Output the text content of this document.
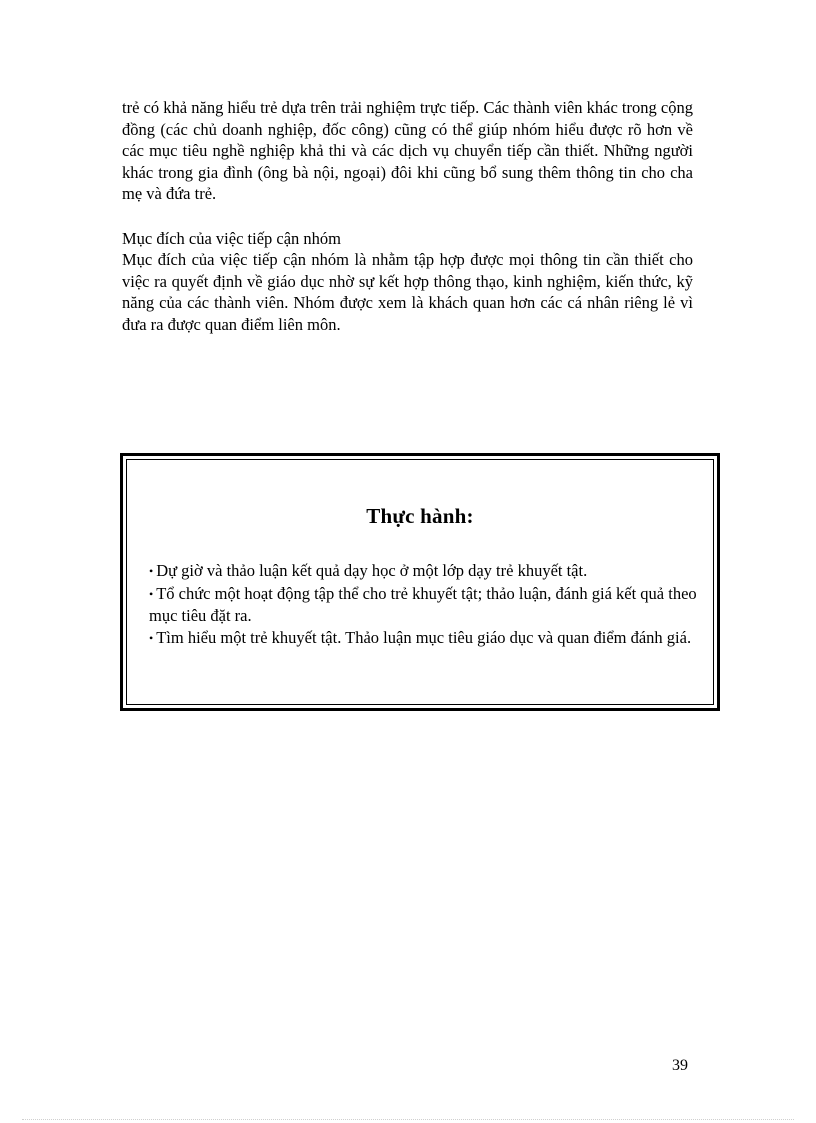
trẻ có khả năng hiểu trẻ dựa trên trải nghiệm trực tiếp. Các thành viên khác trong cộng đồng (các chủ doanh nghiệp, đốc công) cũng có thể giúp nhóm hiểu được rõ hơn về các mục tiêu nghề nghiệp khả thi và các dịch vụ chuyển tiếp cần thiết. Những người khác trong gia đình (ông bà nội, ngoại) đôi khi cũng bổ sung thêm thông tin cho cha mẹ và đứa trẻ.
Mục đích của việc tiếp cận nhóm
Mục đích của việc tiếp cận nhóm là nhằm tập hợp được mọi thông tin cần thiết cho việc ra quyết định về giáo dục nhờ sự kết hợp thông thạo, kinh nghiệm, kiến thức, kỹ năng của các thành viên. Nhóm được xem là khách quan hơn các cá nhân riêng lẻ vì đưa ra được quan điểm liên môn.
Thực hành:
• Dự giờ và thảo luận kết quả dạy học ở một lớp dạy trẻ khuyết tật.
• Tổ chức một hoạt động tập thể cho trẻ khuyết tật; thảo luận, đánh giá kết quả theo mục tiêu đặt ra.
• Tìm hiểu một trẻ khuyết tật. Thảo luận mục tiêu giáo dục và quan điểm đánh giá.
39
